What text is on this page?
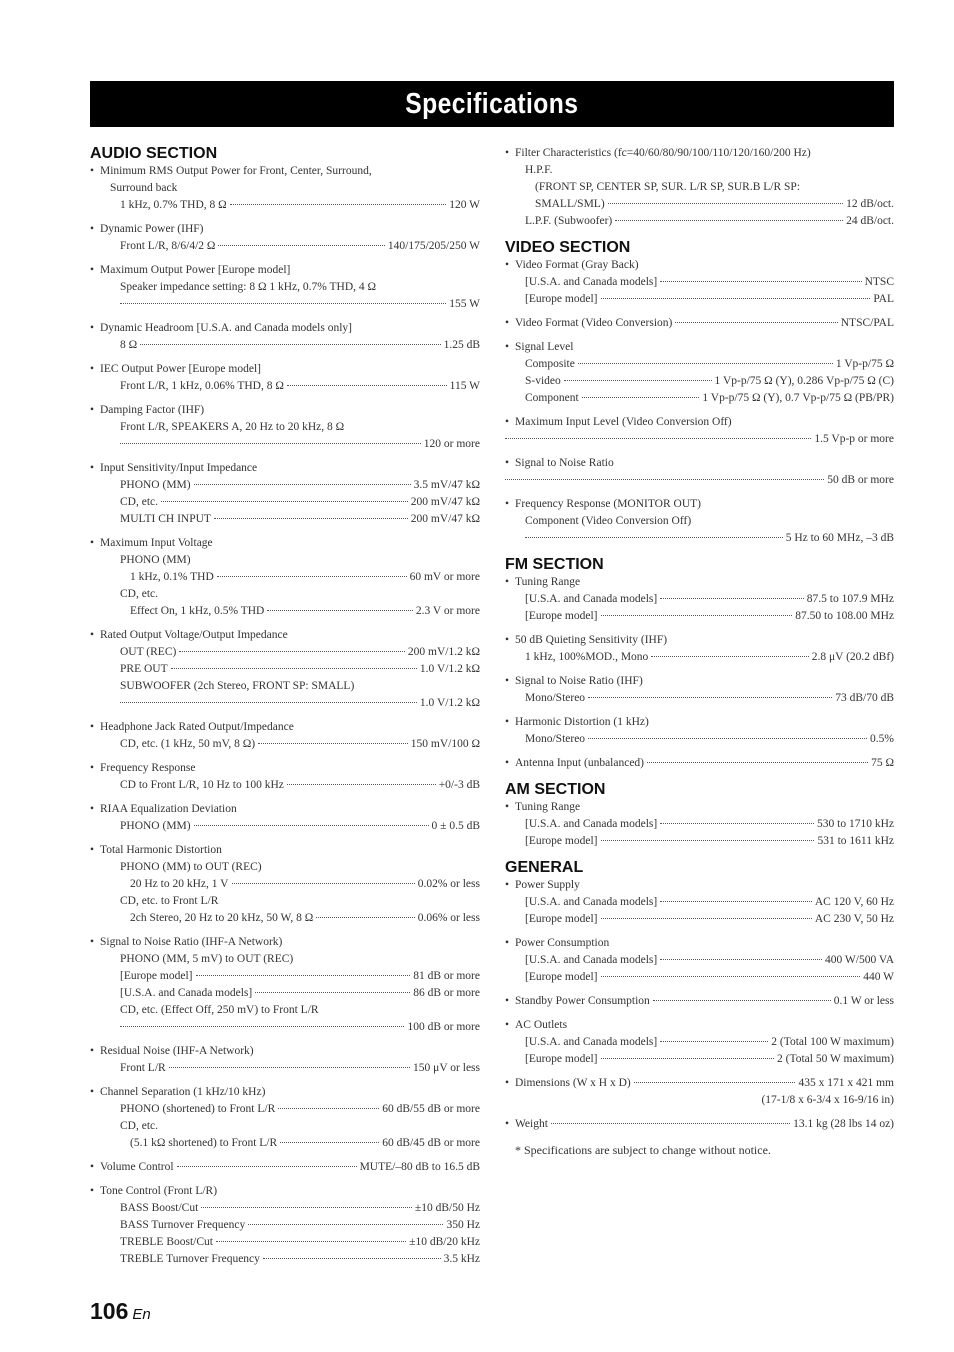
Specifications
AUDIO SECTION
• Minimum RMS Output Power for Front, Center, Surround,
Surround back
1 kHz, 0.7% THD, 8 Ω	120 W
• Dynamic Power (IHF)
Front L/R, 8/6/4/2 Ω	140/175/205/250 W
• Maximum Output Power [Europe model]
Speaker impedance setting: 8 Ω 1 kHz, 0.7% THD, 4 Ω
155 W
• Dynamic Headroom [U.S.A. and Canada models only]
8 Ω	1.25 dB
• IEC Output Power [Europe model]
Front L/R, 1 kHz, 0.06% THD, 8 Ω	115 W
• Damping Factor (IHF)
Front L/R, SPEAKERS A, 20 Hz to 20 kHz, 8 Ω
120 or more
• Input Sensitivity/Input Impedance
PHONO (MM)	3.5 mV/47 kΩ
CD, etc.	200 mV/47 kΩ
MULTI CH INPUT	200 mV/47 kΩ
• Maximum Input Voltage
PHONO (MM)
1 kHz, 0.1% THD	60 mV or more
CD, etc.
Effect On, 1 kHz, 0.5% THD	2.3 V or more
• Rated Output Voltage/Output Impedance
OUT (REC)	200 mV/1.2 kΩ
PRE OUT	1.0 V/1.2 kΩ
SUBWOOFER (2ch Stereo, FRONT SP: SMALL)
1.0 V/1.2 kΩ
• Headphone Jack Rated Output/Impedance
CD, etc. (1 kHz, 50 mV, 8 Ω)	150 mV/100 Ω
• Frequency Response
CD to Front L/R, 10 Hz to 100 kHz	+0/-3 dB
• RIAA Equalization Deviation
PHONO (MM)	0 ± 0.5 dB
• Total Harmonic Distortion
PHONO (MM) to OUT (REC)
20 Hz to 20 kHz, 1 V	0.02% or less
CD, etc. to Front L/R
2ch Stereo, 20 Hz to 20 kHz, 50 W, 8 Ω	0.06% or less
• Signal to Noise Ratio (IHF-A Network)
PHONO (MM, 5 mV) to OUT (REC)
[Europe model]	81 dB or more
[U.S.A. and Canada models]	86 dB or more
CD, etc. (Effect Off, 250 mV) to Front L/R
100 dB or more
• Residual Noise (IHF-A Network)
Front L/R	150 μV or less
• Channel Separation (1 kHz/10 kHz)
PHONO (shortened) to Front L/R	60 dB/55 dB or more
CD, etc.
(5.1 kΩ shortened) to Front L/R	60 dB/45 dB or more
• Volume Control	MUTE/–80 dB to 16.5 dB
• Tone Control (Front L/R)
BASS Boost/Cut	±10 dB/50 Hz
BASS Turnover Frequency	350 Hz
TREBLE Boost/Cut	±10 dB/20 kHz
TREBLE Turnover Frequency	3.5 kHz
• Filter Characteristics (fc=40/60/80/90/100/110/120/160/200 Hz)
H.P.F.
(FRONT SP, CENTER SP, SUR. L/R SP, SUR.B L/R SP:
SMALL/SML)	12 dB/oct.
L.P.F. (Subwoofer)	24 dB/oct.
VIDEO SECTION
• Video Format (Gray Back)
[U.S.A. and Canada models]	NTSC
[Europe model]	PAL
• Video Format (Video Conversion)	NTSC/PAL
• Signal Level
Composite	1 Vp-p/75 Ω
S-video	1 Vp-p/75 Ω (Y), 0.286 Vp-p/75 Ω (C)
Component	1 Vp-p/75 Ω (Y), 0.7 Vp-p/75 Ω (PB/PR)
• Maximum Input Level (Video Conversion Off)
1.5 Vp-p or more
• Signal to Noise Ratio
50 dB or more
• Frequency Response (MONITOR OUT)
Component (Video Conversion Off)
5 Hz to 60 MHz, –3 dB
FM SECTION
• Tuning Range
[U.S.A. and Canada models]	87.5 to 107.9 MHz
[Europe model]	87.50 to 108.00 MHz
• 50 dB Quieting Sensitivity (IHF)
1 kHz, 100%MOD., Mono	2.8 μV (20.2 dBf)
• Signal to Noise Ratio (IHF)
Mono/Stereo	73 dB/70 dB
• Harmonic Distortion (1 kHz)
Mono/Stereo	0.5%
• Antenna Input (unbalanced)	75 Ω
AM SECTION
• Tuning Range
[U.S.A. and Canada models]	530 to 1710 kHz
[Europe model]	531 to 1611 kHz
GENERAL
• Power Supply
[U.S.A. and Canada models]	AC 120 V, 60 Hz
[Europe model]	AC 230 V, 50 Hz
• Power Consumption
[U.S.A. and Canada models]	400 W/500 VA
[Europe model]	440 W
• Standby Power Consumption	0.1 W or less
• AC Outlets
[U.S.A. and Canada models]	2 (Total 100 W maximum)
[Europe model]	2 (Total 50 W maximum)
• Dimensions (W x H x D)	435 x 171 x 421 mm
(17-1/8 x 6-3/4 x 16-9/16 in)
• Weight	13.1 kg (28 lbs 14 oz)
* Specifications are subject to change without notice.
106 En
